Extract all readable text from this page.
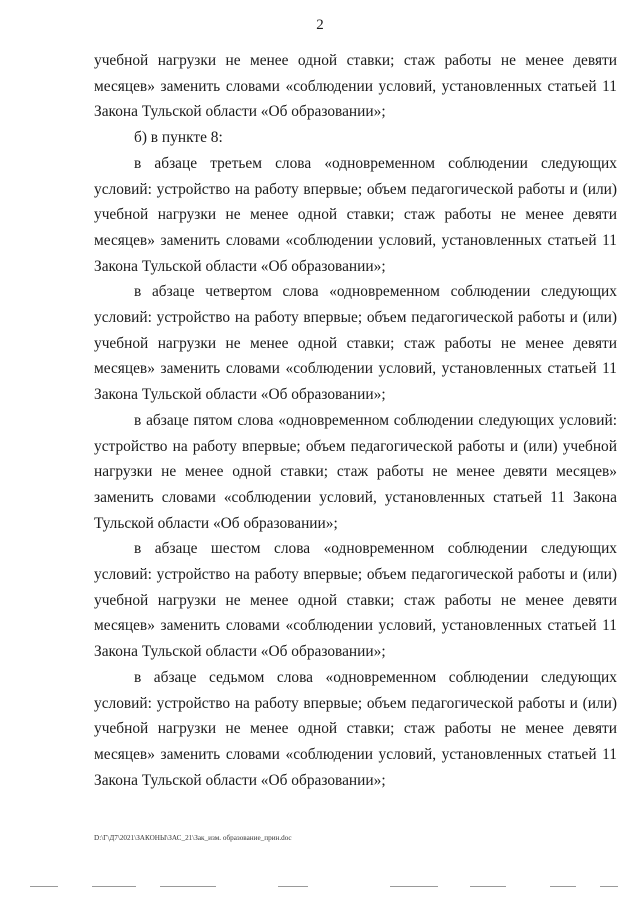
2

учебной нагрузки не менее одной ставки; стаж работы не менее девяти месяцев» заменить словами «соблюдении условий, установленных статьей 11 Закона Тульской области «Об образовании»;

б) в пункте 8:

в абзаце третьем слова «одновременном соблюдении следующих условий: устройство на работу впервые; объем педагогической работы и (или) учебной нагрузки не менее одной ставки; стаж работы не менее девяти месяцев» заменить словами «соблюдении условий, установленных статьей 11 Закона Тульской области «Об образовании»;

в абзаце четвертом слова «одновременном соблюдении следующих условий: устройство на работу впервые; объем педагогической работы и (или) учебной нагрузки не менее одной ставки; стаж работы не менее девяти месяцев» заменить словами «соблюдении условий, установленных статьей 11 Закона Тульской области «Об образовании»;

в абзаце пятом слова «одновременном соблюдении следующих условий: устройство на работу впервые; объем педагогической работы и (или) учебной нагрузки не менее одной ставки; стаж работы не менее девяти месяцев» заменить словами «соблюдении условий, установленных статьей 11 Закона Тульской области «Об образовании»;

в абзаце шестом слова «одновременном соблюдении следующих условий: устройство на работу впервые; объем педагогической работы и (или) учебной нагрузки не менее одной ставки; стаж работы не менее девяти месяцев» заменить словами «соблюдении условий, установленных статьей 11 Закона Тульской области «Об образовании»;

в абзаце седьмом слова «одновременном соблюдении следующих условий: устройство на работу впервые; объем педагогической работы и (или) учебной нагрузки не менее одной ставки; стаж работы не менее девяти месяцев» заменить словами «соблюдении условий, установленных статьей 11 Закона Тульской области «Об образовании»;

D:\Г\Д7\2021\ЗАКОНЫ\ЗАС_21\Зак_изм. образование_прин.doc
